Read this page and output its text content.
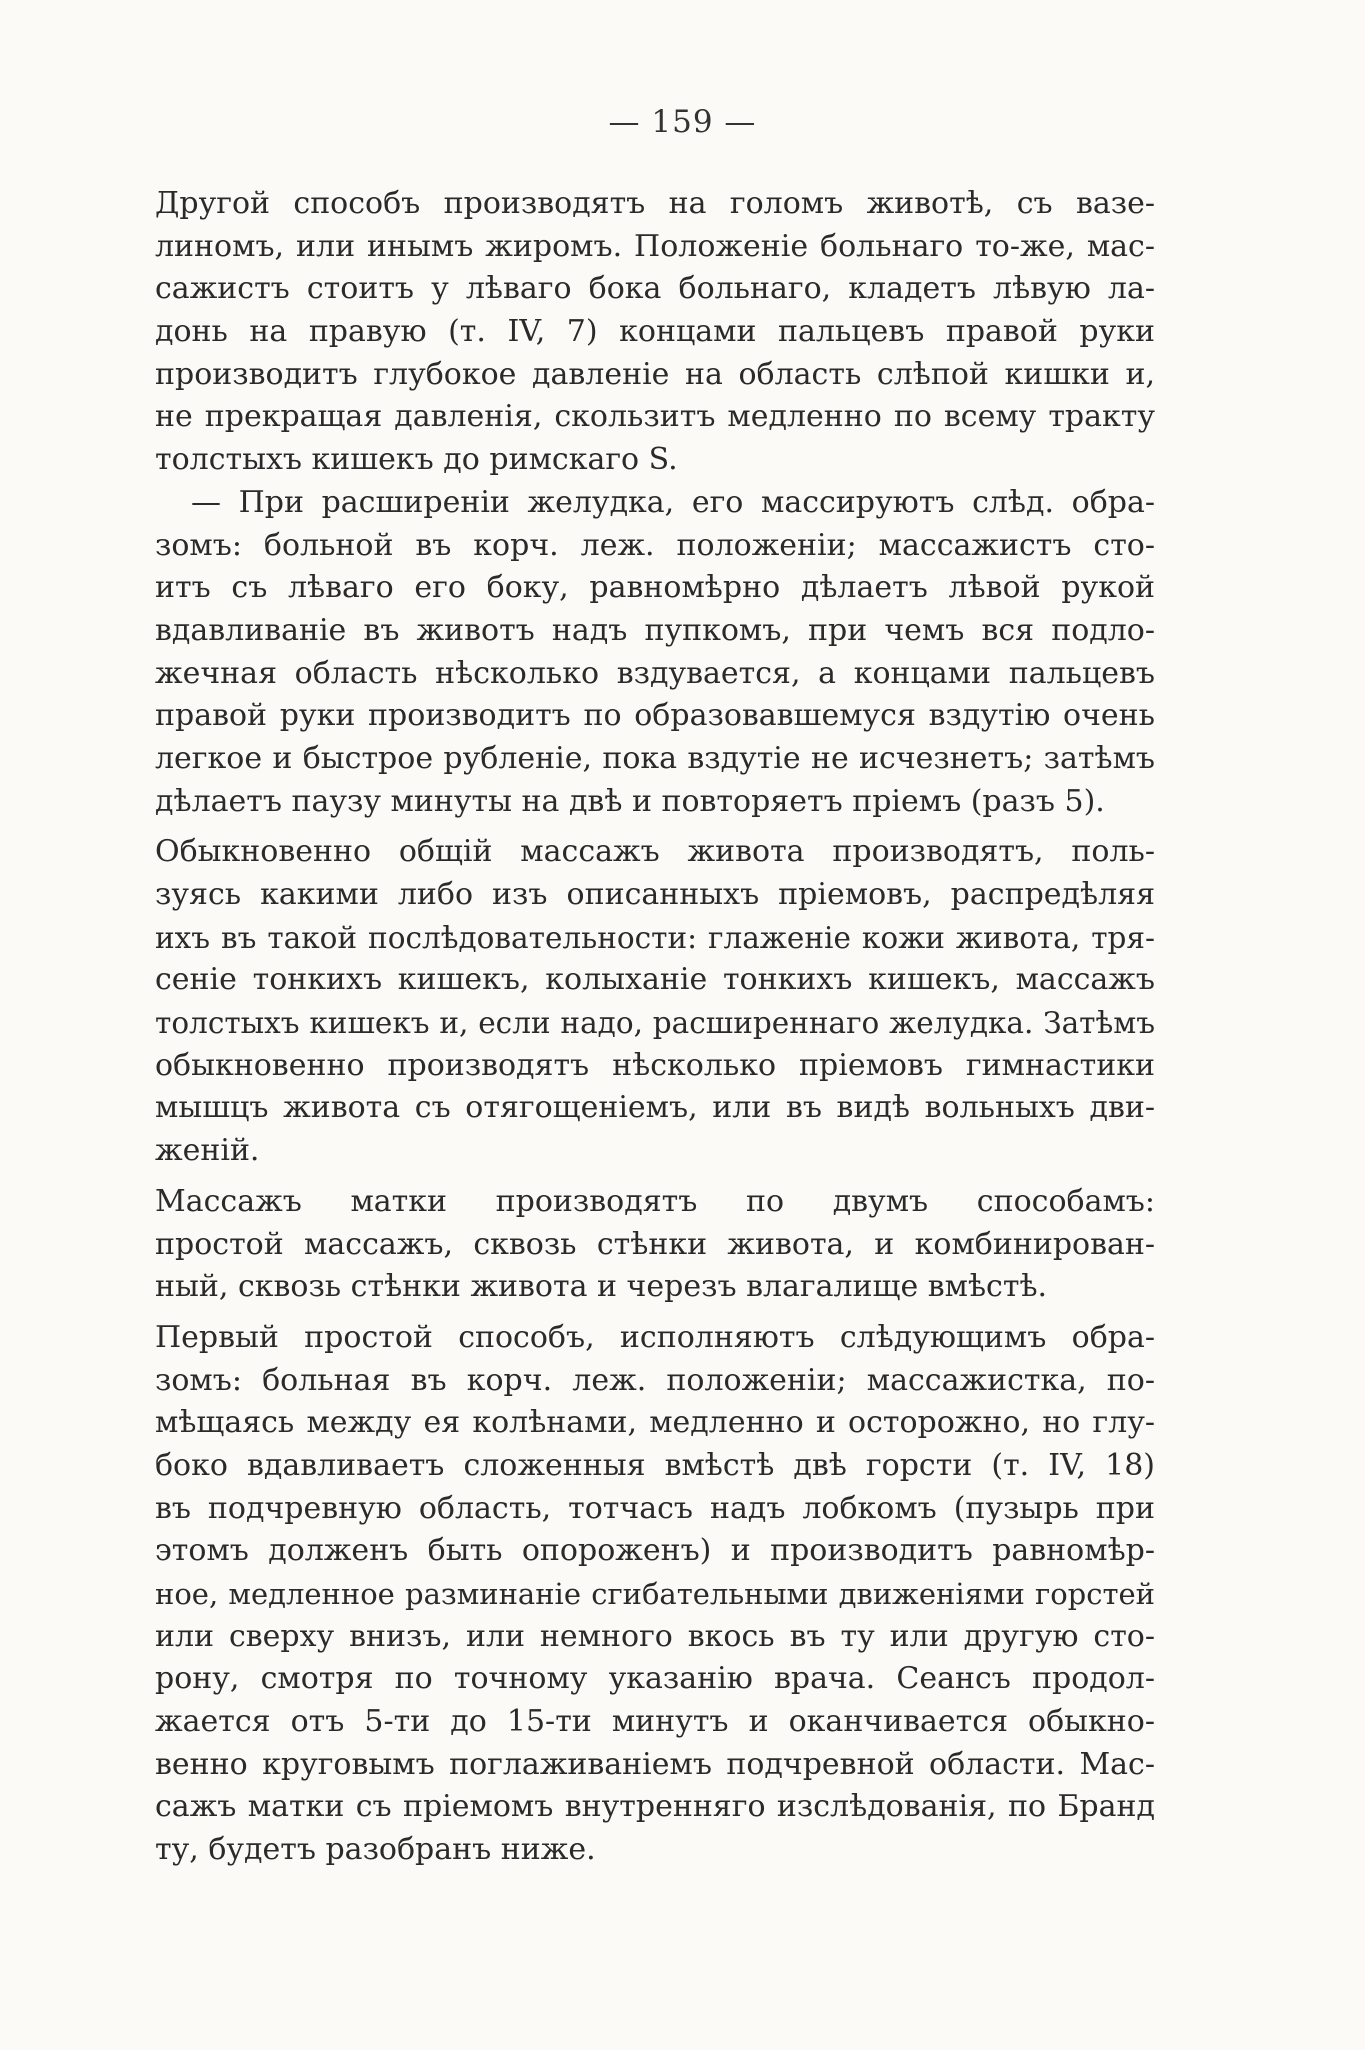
— 159 —
Другой способъ производятъ на голомъ животѣ, съ вазе-
линомъ, или инымъ жиромъ. Положенiе больнаго то-же, мас-
сажистъ стоитъ у лѣваго бока больнаго, кладетъ лѣвую ла-
донь на правую (т. IV, 7) концами пальцевъ правой руки
производитъ глубокое давленiе на область слѣпой кишки и,
не прекращая давленiя, скользитъ медленно по всему тракту
толстыхъ кишекъ до римскаго S.
— При расширенiи желудка, его массируютъ слѣд. обра-
зомъ: больной въ корч. леж. положенiи; массажистъ сто-
итъ съ лѣваго его боку, равномѣрно дѣлаетъ лѣвой рукой
вдавливанiе въ животъ надъ пупкомъ, при чемъ вся подло-
жечная область нѣсколько вздувается, а концами пальцевъ
правой руки производитъ по образовавшемуся вздутiю очень
легкое и быстрое рубленiе, пока вздутiе не исчезнетъ; затѣмъ
дѣлаетъ паузу минуты на двѣ и повторяетъ прiемъ (разъ 5).
Обыкновенно общiй массажъ живота производятъ, поль-
зуясь какими либо изъ описанныхъ прiемовъ, распредѣляя
ихъ въ такой послѣдовательности: глаженiе кожи живота, тря-
сенiе тонкихъ кишекъ, колыханiе тонкихъ кишекъ, массажъ
толстыхъ кишекъ и, если надо, расширеннаго желудка. Затѣмъ
обыкновенно производятъ нѣсколько прiемовъ гимнастики
мышцъ живота съ отягощенiемъ, или въ видѣ вольныхъ дви-
женiй.
Массажъ матки производятъ по двумъ способамъ:
простой массажъ, сквозь стѣнки живота, и комбинирован-
ный, сквозь стѣнки живота и черезъ влагалище вмѣстѣ.
Первый простой способъ, исполняютъ слѣдующимъ обра-
зомъ: больная въ корч. леж. положенiи; массажистка, по-
мѣщаясь между ея колѣнами, медленно и осторожно, но глу-
боко вдавливаетъ сложенныя вмѣстѣ двѣ горсти (т. IV, 18)
въ подчревную область, тотчасъ надъ лобкомъ (пузырь при
этомъ долженъ быть опороженъ) и производитъ равномѣр-
ное, медленное разминанiе сгибательными движенiями горстей
или сверху внизъ, или немного вкось въ ту или другую сто-
рону, смотря по точному указанiю врача. Сеансъ продол-
жается отъ 5-ти до 15-ти минутъ и оканчивается обыкно-
венно круговымъ поглаживанiемъ подчревной области. Мас-
сажъ матки съ прiемомъ внутренняго изслѣдованiя, по Бранд
ту, будетъ разобранъ ниже.
